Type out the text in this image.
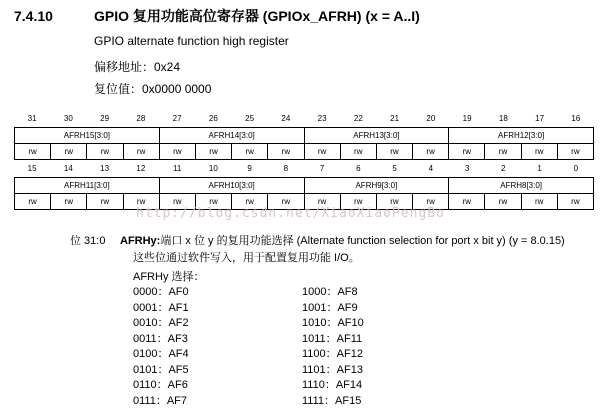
7.4.10	GPIO 复用功能高位寄存器 (GPIOx_AFRH) (x = A..I)
GPIO alternate function high register
偏移地址：0x24
复位值：0x0000 0000
31	30	29	28	27	26	25	24	23	22	21	20	19	18	17	16
AFRH15[3:0]				AFRH14[3:0]				AFRH13[3:0]				AFRH12[3:0]			
rw	rw	rw	rw	rw	rw	rw	rw	rw	rw	rw	rw	rw	rw	rw	rw
15	14	13	12	11	10	9	8	7	6	5	4	3	2	1	0
AFRH11[3:0]				AFRH10[3:0]				AFRH9[3:0]				AFRH8[3:0]			
rw	rw	rw	rw	rw	rw	rw	rw	rw	rw	rw	rw	rw	rw	rw	rw
http://blog.csdn.net/XiaoXiaoPengBo
位 31:0 AFRHy:端口 x 位 y 的复用功能选择 (Alternate function selection for port x bit y) (y = 8.0.15)
这些位通过软件写入，用于配置复用功能 I/O。
AFRHy 选择：
0000：AF0
0001：AF1
0010：AF2
0011：AF3
0100：AF4
0101：AF5
0110：AF6
0111：AF7
1000：AF8
1001：AF9
1010：AF10
1011：AF11
1100：AF12
1101：AF13
1110：AF14
1111：AF15
